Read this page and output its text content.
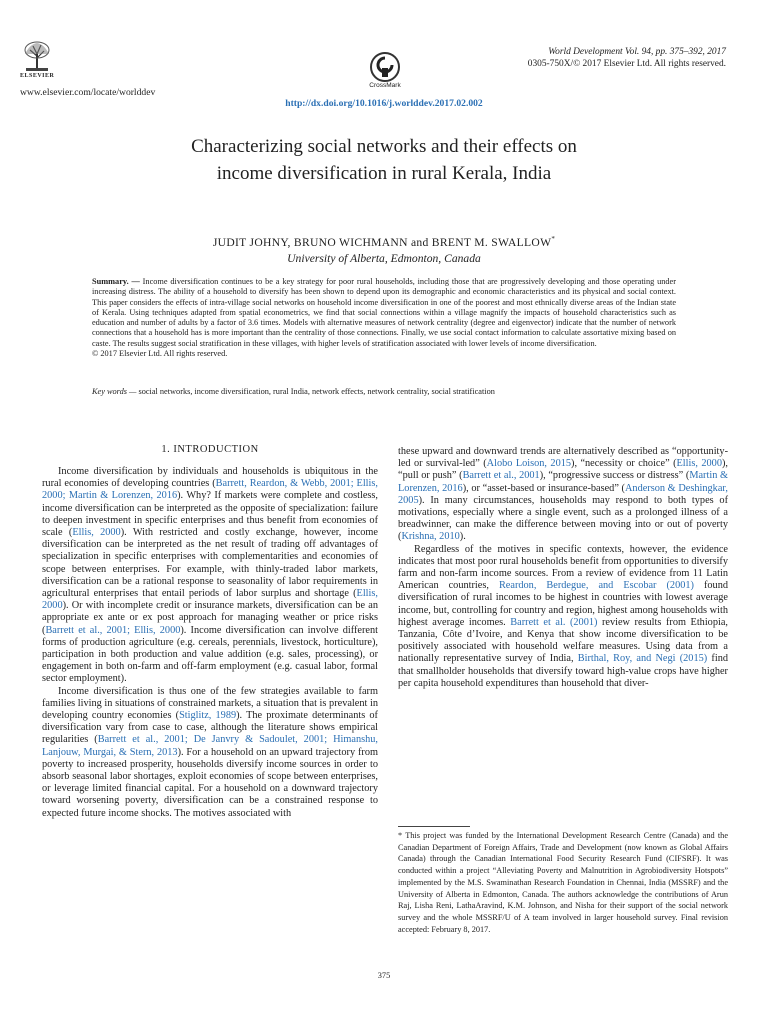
ELSEVIER
www.elsevier.com/locate/worlddev
CrossMark
World Development Vol. 94, pp. 375–392, 2017
0305-750X/© 2017 Elsevier Ltd. All rights reserved.
http://dx.doi.org/10.1016/j.worlddev.2017.02.002
Characterizing social networks and their effects on
income diversification in rural Kerala, India
JUDIT JOHNY, BRUNO WICHMANN and BRENT M. SWALLOW*
University of Alberta, Edmonton, Canada
Summary. — Income diversification continues to be a key strategy for poor rural households, including those that are progressively developing and those operating under increasing distress. The ability of a household to diversify has been shown to depend upon its demographic and economic characteristics and its physical and social context. This paper considers the effects of intra-village social networks on household income diversification in one of the poorest and most ethnically diverse areas of the Indian state of Kerala. Using techniques adapted from spatial econometrics, we find that social connections within a village magnify the impacts of household characteristics such as education and number of adults by a factor of 3.6 times. Models with alternative measures of network centrality (degree and eigenvector) indicate that the number of network connections that a household has is more important than the centrality of those connections. Finally, we use social contact information to calculate assortative mixing based on caste. The results suggest social stratification in these villages, with higher levels of stratification associated with lower levels of income diversification.
© 2017 Elsevier Ltd. All rights reserved.
Key words — social networks, income diversification, rural India, network effects, network centrality, social stratification
1. INTRODUCTION

Income diversification by individuals and households is ubiquitous in the rural economies of developing countries (Barrett, Reardon, & Webb, 2001; Ellis, 2000; Martin & Lorenzen, 2016). Why? If markets were complete and costless, income diversification can be interpreted as the opposite of specialization: failure to deepen investment in specific enterprises and thus benefit from economies of scale (Ellis, 2000). With restricted and costly exchange, however, income diversification can be interpreted as the net result of trading off advantages of specialization in specific enterprises with complementarities and economies of scope between enterprises. For example, with thinly-traded labor markets, diversification can be a rational response to seasonality of labor requirements in agricultural enterprises that entail periods of labor surplus and shortage (Ellis, 2000). Or with incomplete credit or insurance markets, diversification can be an appropriate ex ante or ex post approach for managing weather or price risks (Barrett et al., 2001; Ellis, 2000). Income diversification can involve different forms of production agriculture (e.g. cereals, perennials, livestock, horticulture), participation in both production and value addition (e.g. sales, processing), or engagement in both on-farm and off-farm employment (e.g. casual labor, formal sector employment).

Income diversification is thus one of the few strategies available to farm families living in situations of constrained markets, a situation that is prevalent in developing country economies (Stiglitz, 1989). The proximate determinants of diversification vary from case to case, although the literature shows empirical regularities (Barrett et al., 2001; De Janvry & Sadoulet, 2001; Himanshu, Lanjouw, Murgai, & Stern, 2013). For a household on an upward trajectory from poverty to increased prosperity, households diversify income sources in order to absorb seasonal labor shortages, exploit economies of scope between enterprises, or leverage limited financial capital. For a household on a downward trajectory toward worsening poverty, diversification can be a constrained response to expected future income shocks. The motives associated with

these upward and downward trends are alternatively described as “opportunity-led or survival-led” (Alobo Loison, 2015), “necessity or choice” (Ellis, 2000), “pull or push” (Barrett et al., 2001), “progressive success or distress” (Martin & Lorenzen, 2016), or “asset-based or insurance-based” (Anderson & Deshingkar, 2005). In many circumstances, households may respond to both types of motivations, especially where a single event, such as a prolonged illness of a breadwinner, can make the difference between moving into or out of poverty (Krishna, 2010).

Regardless of the motives in specific contexts, however, the evidence indicates that most poor rural households benefit from opportunities to diversify farm and non-farm income sources. From a review of evidence from 11 Latin American countries, Reardon, Berdegue, and Escobar (2001) found diversification of rural incomes to be highest in countries with lowest average income, but, controlling for country and region, highest among households with highest average incomes. Barrett et al. (2001) review results from Ethiopia, Tanzania, Côte d’Ivoire, and Kenya that show income diversification to be positively associated with household welfare measures. Using data from a nationally representative survey of India, Birthal, Roy, and Negi (2015) find that smallholder households that diversify toward high-value crops have higher per capita household expenditures than household that diver-

* This project was funded by the International Development Research Centre (Canada) and the Canadian Department of Foreign Affairs, Trade and Development (now known as Global Affairs Canada) through the Canadian International Food Security Research Fund (CIFSRF). It was conducted within a project “Alleviating Poverty and Malnutrition in Agrobiodiversity Hotspots” implemented by the M.S. Swaminathan Research Foundation in Chennai, India (MSSRF) and the University of Alberta in Edmonton, Canada. The authors acknowledge the contributions of Arun Raj, Lisha Reni, LathaAravind, K.M. Johnson, and Nisha for their support of the social network survey and the whole MSSRF/U of A team involved in larger household survey. Final revision accepted: February 8, 2017.
375
